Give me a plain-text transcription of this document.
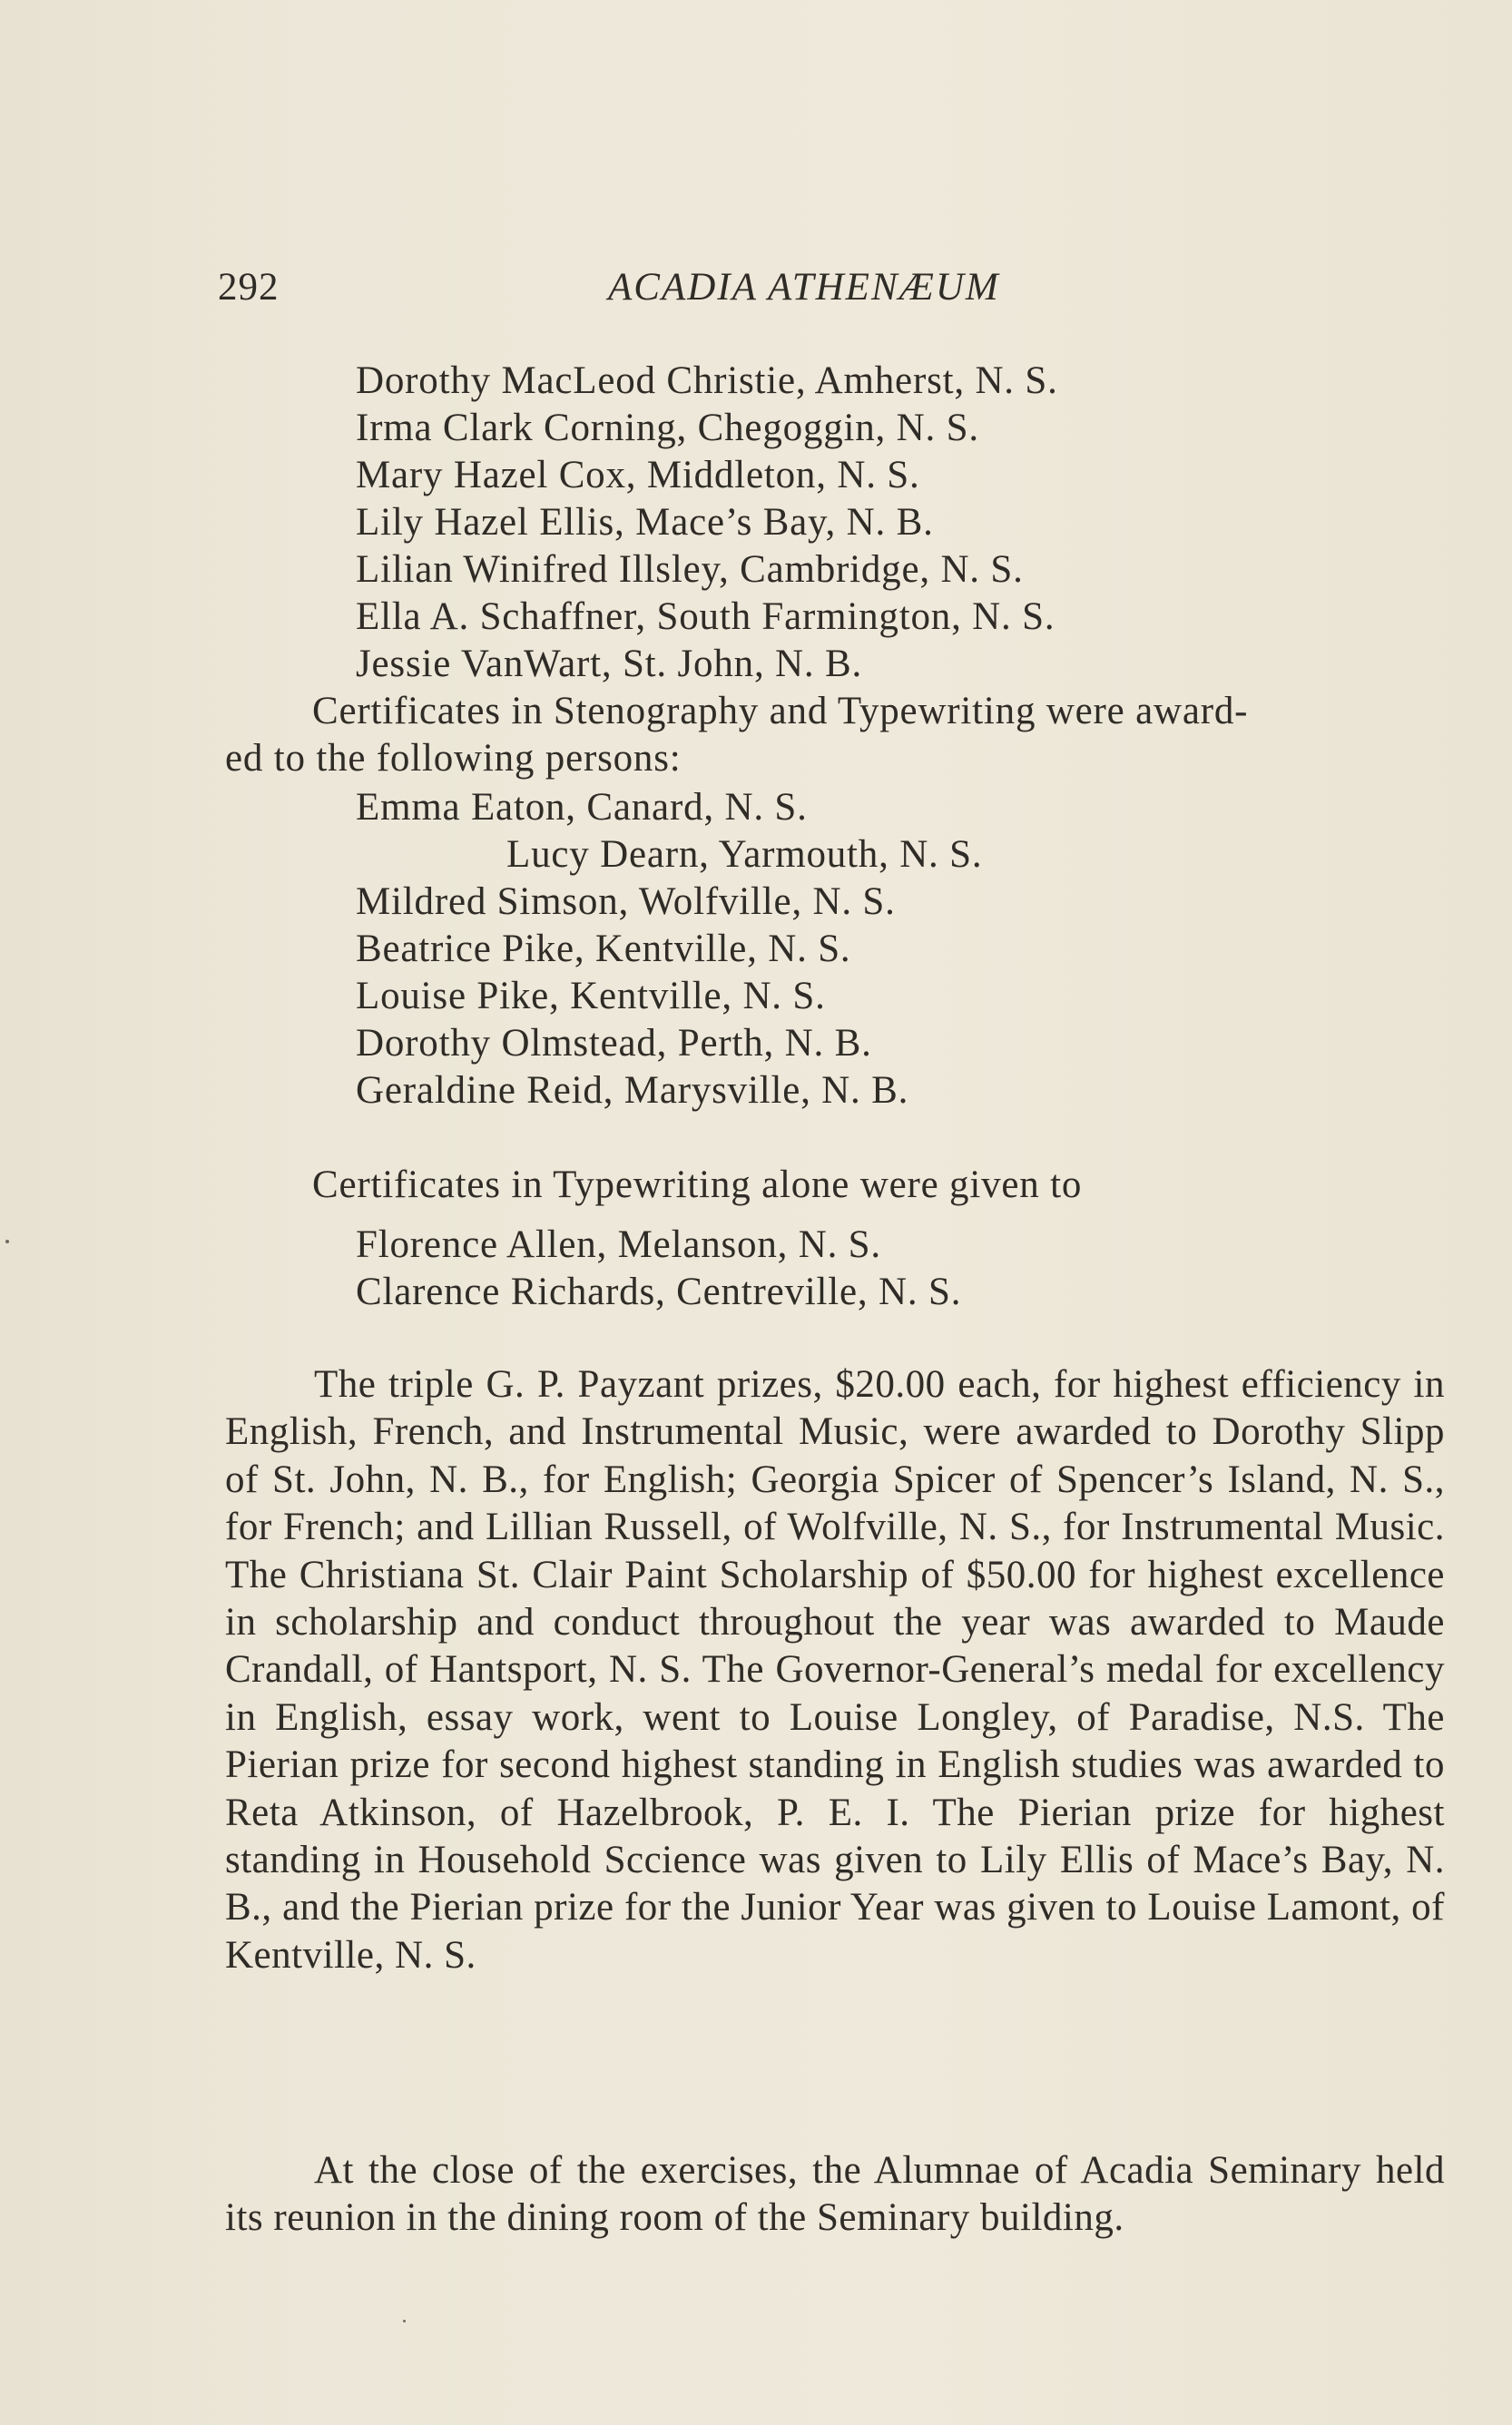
292	ACADIA ATHENÆUM
Dorothy MacLeod Christie, Amherst, N. S.
Irma Clark Corning, Chegoggin, N. S.
Mary Hazel Cox, Middleton, N. S.
Lily Hazel Ellis, Mace’s Bay, N. B.
Lilian Winifred Illsley, Cambridge, N. S.
Ella A. Schaffner, South Farmington, N. S.
Jessie VanWart, St. John, N. B.
Certificates in Stenography and Typewriting were award-
ed to the following persons:
Emma Eaton, Canard, N. S.
Lucy Dearn, Yarmouth, N. S.
Mildred Simson, Wolfville, N. S.
Beatrice Pike, Kentville, N. S.
Louise Pike, Kentville, N. S.
Dorothy Olmstead, Perth, N. B.
Geraldine Reid, Marysville, N. B.
Certificates in Typewriting alone were given to
Florence Allen, Melanson, N. S.
Clarence Richards, Centreville, N. S.
The triple G. P. Payzant prizes, $20.00 each, for highest efficiency in English, French, and Instrumental Music, were awarded to Dorothy Slipp of St. John, N. B., for English; Georgia Spicer of Spencer’s Island, N. S., for French; and Lillian Russell, of Wolfville, N. S., for Instrumental Music. The Christiana St. Clair Paint Scholarship of $50.00 for highest excellence in scholarship and conduct throughout the year was awarded to Maude Crandall, of Hantsport, N. S. The Governor-General’s medal for excellency in English, essay work, went to Louise Longley, of Paradise, N.S. The Pierian prize for second highest standing in English studies was awarded to Reta Atkinson, of Hazelbrook, P. E. I. The Pierian prize for highest standing in Household Sccience was given to Lily Ellis of Mace’s Bay, N. B., and the Pierian prize for the Junior Year was given to Louise Lamont, of Kentville, N. S.
At the close of the exercises, the Alumnae of Acadia Seminary held its reunion in the dining room of the Seminary building.
